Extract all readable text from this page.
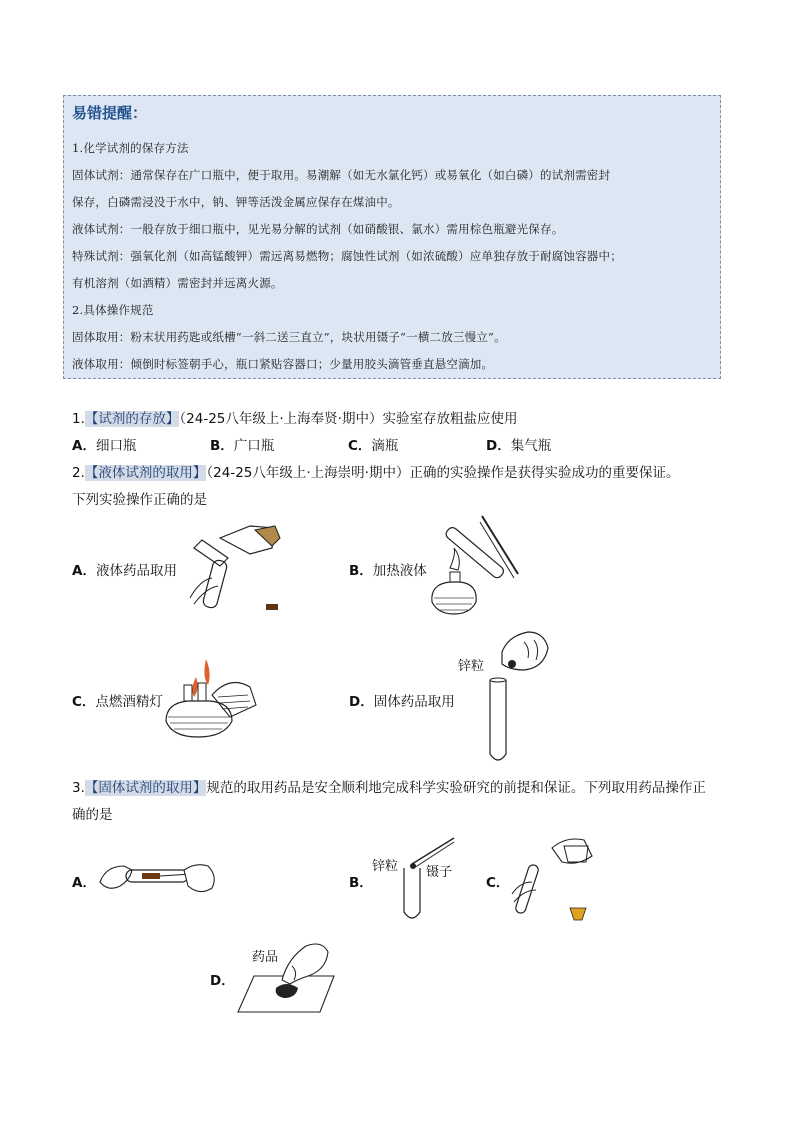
易错提醒：
1.化学试剂的保存方法
固体试剂：通常保存在广口瓶中，便于取用。易潮解（如无水氯化钙）或易氧化（如白磷）的试剂需密封
保存，白磷需浸没于水中，钠、钾等活泼金属应保存在煤油中。
液体试剂：一般存放于细口瓶中，见光易分解的试剂（如硝酸银、氯水）需用棕色瓶避光保存。
特殊试剂：强氧化剂（如高锰酸钾）需远离易燃物；腐蚀性试剂（如浓硫酸）应单独存放于耐腐蚀容器中；
有机溶剂（如酒精）需密封并远离火源。
2.具体操作规范
固体取用：粉末状用药匙或纸槽“一斜二送三直立”，块状用镊子“一横二放三慢立”。
液体取用：倾倒时标签朝手心，瓶口紧贴容器口；少量用胶头滴管垂直悬空滴加。
1.【试剂的存放】（24-25八年级上·上海奉贤·期中）实验室存放粗盐应使用
A．细口瓶	B．广口瓶	C．滴瓶	D．集气瓶
2.【液体试剂的取用】（24-25八年级上·上海崇明·期中）正确的实验操作是获得实验成功的重要保证。
下列实验操作正确的是
A．液体药品取用	B．加热液体
C．点燃酒精灯	D．固体药品取用
锌粒
3.【固体试剂的取用】规范的取用药品是安全顺利地完成科学实验研究的前提和保证。下列取用药品操作正
确的是
A．	B．
锌粒 镊子
C．
D．
药品
